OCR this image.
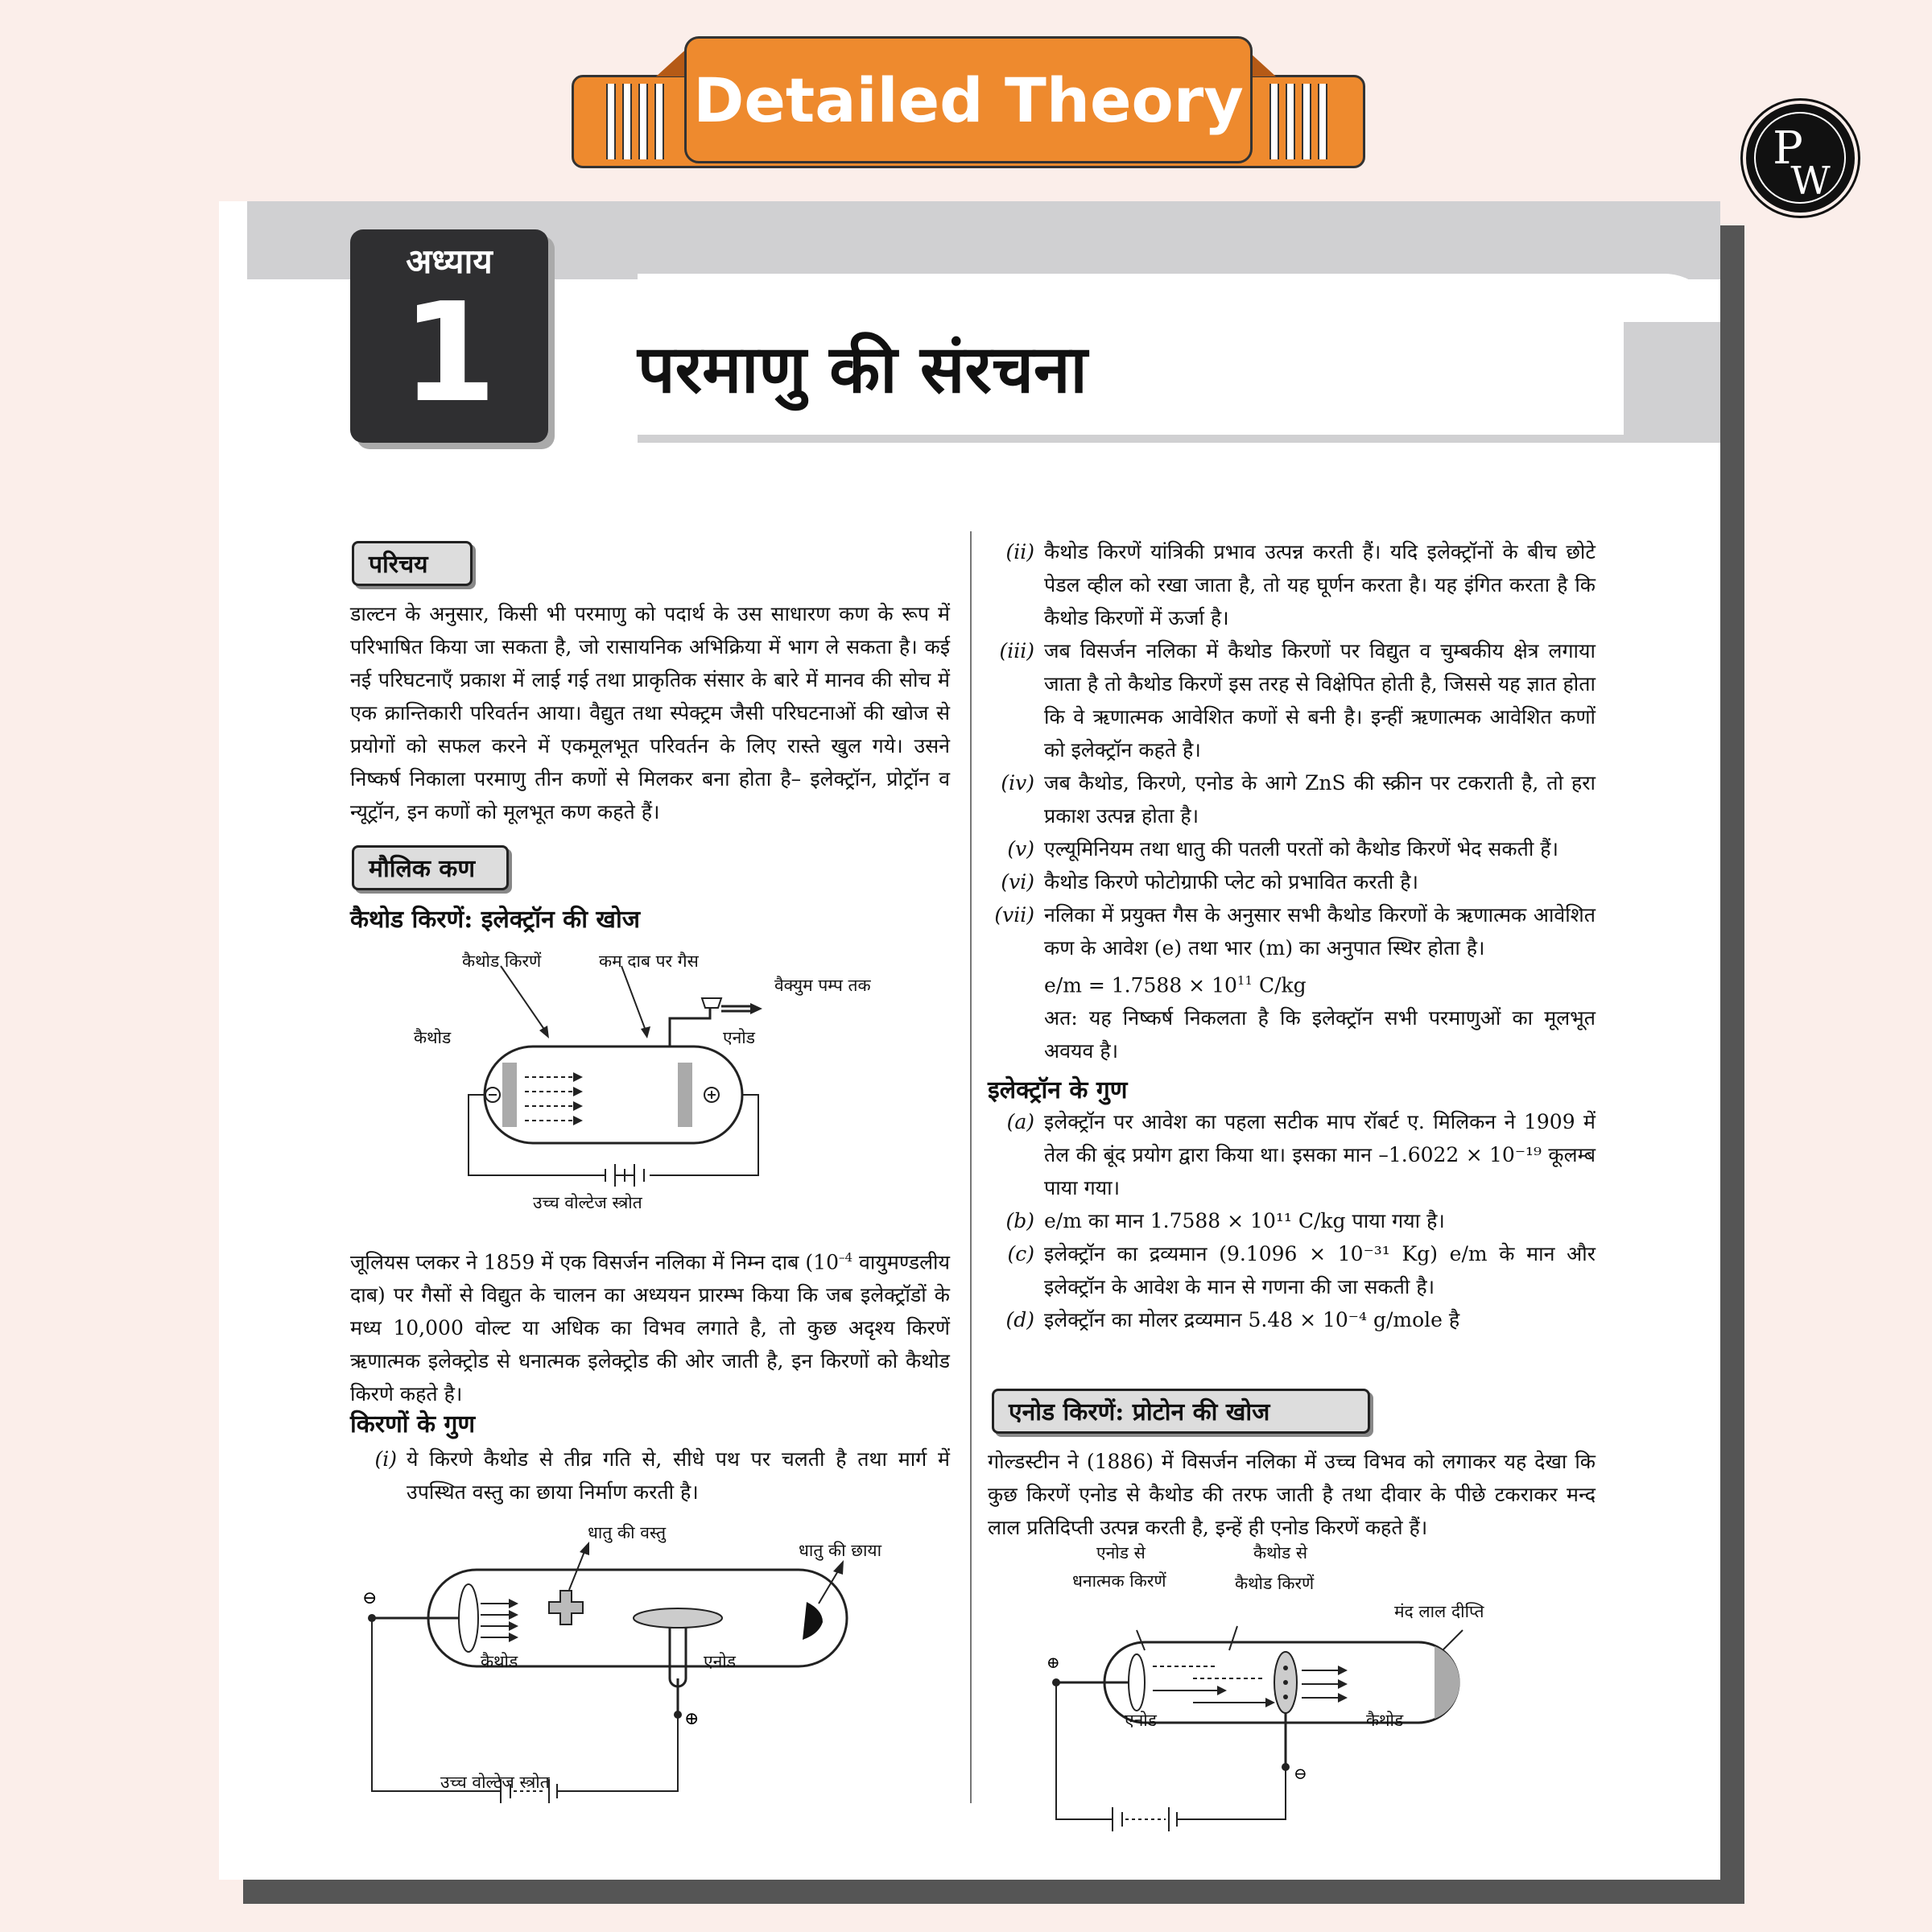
Detailed Theory
P
W
अध्याय
1	परमाणु की संरचना
परिचय

डाल्टन के अनुसार, किसी भी परमाणु को पदार्थ के उस साधारण कण के रूप में परिभाषित किया जा सकता है, जो रासायनिक अभिक्रिया में भाग ले सकता है। कई नई परिघटनाएँ प्रकाश में लाई गई तथा प्राकृतिक संसार के बारे में मानव की सोच में एक क्रान्तिकारी परिवर्तन आया। वैद्युत तथा स्पेक्ट्रम जैसी परिघटनाओं की खोज से प्रयोगों को सफल करने में एकमूलभूत परिवर्तन के लिए रास्ते खुल गये। उसने निष्कर्ष निकाला परमाणु तीन कणों से मिलकर बना होता है– इलेक्ट्रॉन, प्रोट्रॉन व न्यूट्रॉन, इन कणों को मूलभूत कण कहते हैं।

मौलिक कण

कैथोड किरणें: इलेक्ट्रॉन की खोज

कैथोड किरणें	कम दाब पर गैस
वैक्युम पम्प तक
कैथोड	एनोड
उच्च वोल्टेज स्त्रोत

जूलियस प्लकर ने 1859 में एक विसर्जन नलिका में निम्न दाब ($10^{-4}$ वायुमण्डलीय दाब) पर गैसों से विद्युत के चालन का अध्ययन प्रारम्भ किया कि जब इलेक्ट्रॉडों के मध्य 10,000 वोल्ट या अधिक का विभव लगाते है, तो कुछ अदृश्य किरणें ऋणात्मक इलेक्ट्रोड से धनात्मक इलेक्ट्रोड की ओर जाती है, इन किरणों को कैथोड किरणे कहते है।

किरणों के गुण

(i) ये किरणे कैथोड से तीव्र गति से, सीधे पथ पर चलती है तथा मार्ग में उपस्थित वस्तु का छाया निर्माण करती है।
⊖
⊕
धातु की वस्तु
धातु की छाया
कैथोड	एनोड
उच्च वोल्टेज स्त्रोत
(ii) कैथोड किरणें यांत्रिकी प्रभाव उत्पन्न करती हैं। यदि इलेक्ट्रॉनों के बीच छोटे पेडल व्हील को रखा जाता है, तो यह घूर्णन करता है। यह इंगित करता है कि कैथोड किरणों में ऊर्जा है।
(iii) जब विसर्जन नलिका में कैथोड किरणों पर विद्युत व चुम्बकीय क्षेत्र लगाया जाता है तो कैथोड किरणें इस तरह से विक्षेपित होती है, जिससे यह ज्ञात होता कि वे ऋणात्मक आवेशित कणों से बनी है। इन्हीं ऋणात्मक आवेशित कणों को इलेक्ट्रॉन कहते है।
(iv) जब कैथोड, किरणे, एनोड के आगे ZnS की स्क्रीन पर टकराती है, तो हरा प्रकाश उत्पन्न होता है।
(v) एल्यूमिनियम तथा धातु की पतली परतों को कैथोड किरणें भेद सकती हैं।
(vi) कैथोड किरणे फोटोग्राफी प्लेट को प्रभावित करती है।
(vii) नलिका में प्रयुक्त गैस के अनुसार सभी कैथोड किरणों के ऋणात्मक आवेशित कण के आवेश (e) तथा भार (m) का अनुपात स्थिर होता है।
$e/m = 1.7588 \times 10^{11}$ C/kg
अत: यह निष्कर्ष निकलता है कि इलेक्ट्रॉन सभी परमाणुओं का मूलभूत अवयव है।

इलेक्ट्रॉन के गुण

(a) इलेक्ट्रॉन पर आवेश का पहला सटीक माप रॉबर्ट ए. मिलिकन ने 1909 में तेल की बूंद प्रयोग द्वारा किया था। इसका मान –1.6022 × 10⁻¹⁹ कूलम्ब पाया गया।
(b) e/m का मान 1.7588 × 10¹¹ C/kg पाया गया है।
(c) इलेक्ट्रॉन का द्रव्यमान (9.1096 × 10⁻³¹ Kg) e/m के मान और इलेक्ट्रॉन के आवेश के मान से गणना की जा सकती है।
(d) इलेक्ट्रॉन का मोलर द्रव्यमान 5.48 × 10⁻⁴ g/mole है
एनोड किरणें: प्रोटोन की खोज

गोल्डस्टीन ने (1886) में विसर्जन नलिका में उच्च विभव को लगाकर यह देखा कि कुछ किरणें एनोड से कैथोड की तरफ जाती है तथा दीवार के पीछे टकराकर मन्द लाल प्रतिदिप्ती उत्पन्न करती है, इन्हें ही एनोड किरणें कहते हैं।

⊕
⊖
एनोड से
धनात्मक किरणें
कैथोड से
कैथोड किरणें
मंद लाल दीप्ति
एनोड	कैथोड
